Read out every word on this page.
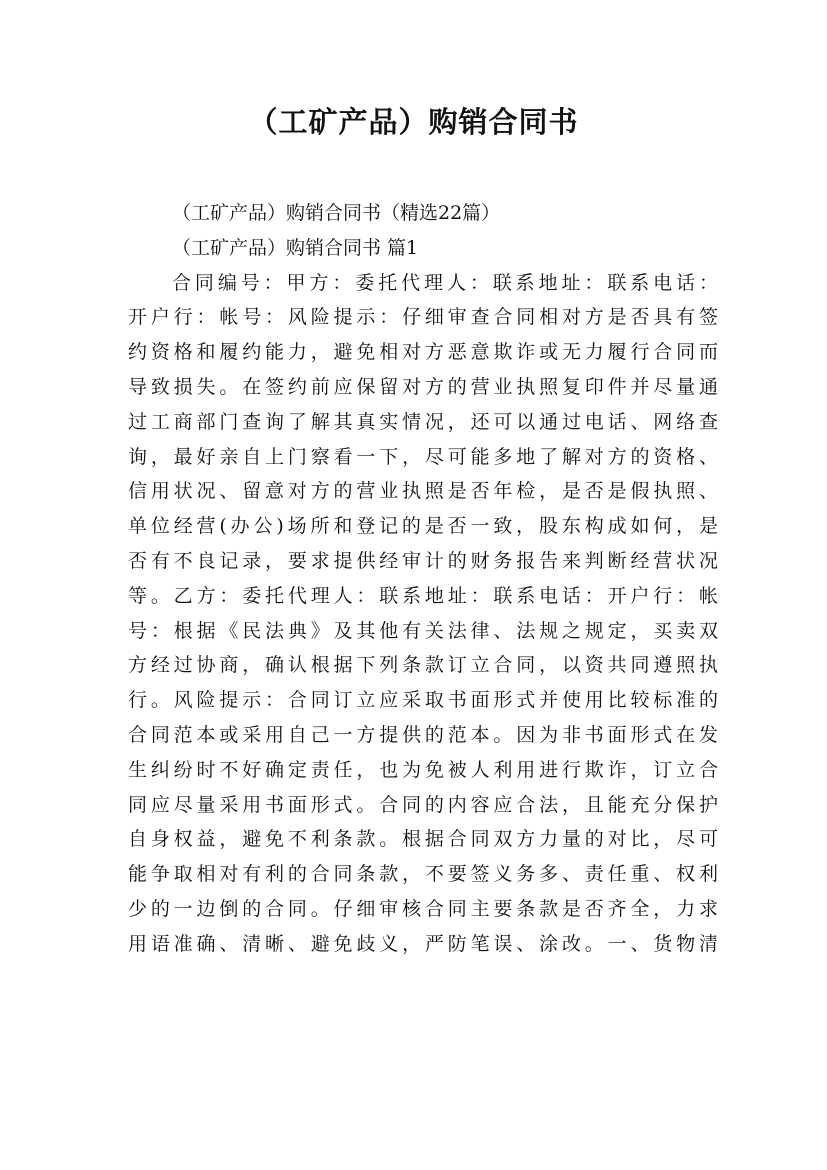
（工矿产品）购销合同书
（工矿产品）购销合同书（精选22篇）
（工矿产品）购销合同书 篇1
合同编号：甲方：委托代理人：联系地址：联系电话：
开户行：帐号：风险提示：仔细审查合同相对方是否具有签
约资格和履约能力，避免相对方恶意欺诈或无力履行合同而
导致损失。在签约前应保留对方的营业执照复印件并尽量通
过工商部门查询了解其真实情况，还可以通过电话、网络查
询，最好亲自上门察看一下，尽可能多地了解对方的资格、
信用状况、留意对方的营业执照是否年检，是否是假执照、
单位经营(办公)场所和登记的是否一致，股东构成如何，是
否有不良记录，要求提供经审计的财务报告来判断经营状况
等。乙方：委托代理人：联系地址：联系电话：开户行：帐
号：根据《民法典》及其他有关法律、法规之规定，买卖双
方经过协商，确认根据下列条款订立合同，以资共同遵照执
行。风险提示：合同订立应采取书面形式并使用比较标准的
合同范本或采用自己一方提供的范本。因为非书面形式在发
生纠纷时不好确定责任，也为免被人利用进行欺诈，订立合
同应尽量采用书面形式。合同的内容应合法，且能充分保护
自身权益，避免不利条款。根据合同双方力量的对比，尽可
能争取相对有利的合同条款，不要签义务多、责任重、权利
少的一边倒的合同。仔细审核合同主要条款是否齐全，力求
用语准确、清晰、避免歧义，严防笔误、涂改。一、货物清
